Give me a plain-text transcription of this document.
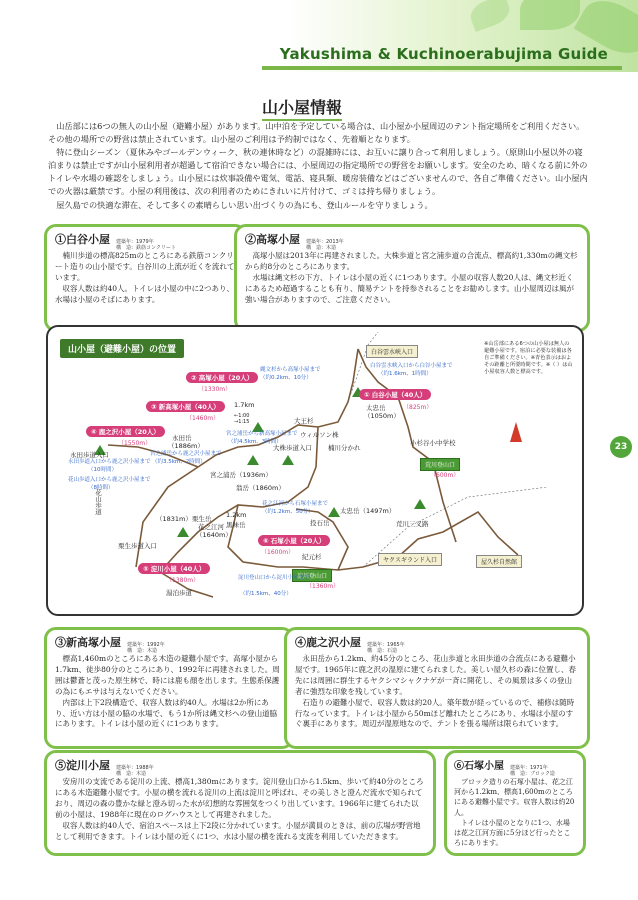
Yakushima & Kuchinoerabujima Guide
23
山小屋情報

山岳部には6つの無人の山小屋（避難小屋）があります。山中泊を予定している場合は、山小屋か小屋周辺のテント指定場所をご利用ください。その他の場所での野営は禁止されています。山小屋のご利用は予約制ではなく、先着順となります。

特に登山シーズン（夏休みやゴールデンウィーク、秋の連休時など）の混雑時には、お互いに譲り合って利用しましょう。（原則山小屋以外の寝泊まりは禁止ですが山小屋利用者が超過して宿泊できない場合には、小屋周辺の指定場所での野営をお願いします。安全のため、暗くなる前に外のトイレや水場の確認をしましょう。山小屋には炊事設備や電気、電話、寝具類、暖房装備などはございませんので、各自ご準備ください。山小屋内での火器は厳禁です。小屋の利用後は、次の利用者のためにきれいに片付けて、ゴミは持ち帰りましょう。

屋久島での快適な滞在、そして多くの素晴らしい思い出づくりの為にも、登山ルールを守りましょう。

①白谷小屋 建築年：1979年
構　造：鉄筋コンクリート

楠川歩道の標高825mのところにある鉄筋コンクリート造りの山小屋です。白谷川の上流が近くを流れています。

収容人数は約40人。トイレは小屋の中に2つあり、水場は小屋のそばにあります。

②高塚小屋 建築年：2013年
構　造：木造

高塚小屋は2013年に再建されました。大株歩道と宮之浦歩道の合流点、標高約1,330mの縄文杉から約8分のところにあります。

水場は縄文杉の下方、トイレは小屋の近くに1つあります。小屋の収容人数20人は、縄文杉近くにあるため超過することも有り、簡易テントを持参されることをお勧めします。山小屋周辺は風が強い場合がありますので、ご注意ください。

山小屋（避難小屋）の位置
※山岳部にある6つの山小屋は無人の避難小屋です。宿泊に必要な装備は各自ご準備ください。※青色表示はおよその距離と所要時間です。※（ ）は山小屋収容人数と標高です。
① 白谷小屋（40人）
（825m）
② 高塚小屋（20人）
（1330m）
③ 新高塚小屋（40人）
（1460m）
④ 鹿之沢小屋（20人）
（1550m）
⑤ 淀川小屋（40人）
（1380m）
⑥ 石塚小屋（20人）
（1600m）
白谷雲水峡入口
太忠岳
（1050m）
大王杉
ウィルソン株
大株歩道入口 楠川分かれ
小杉谷小中学校
永田岳
（1886m）
宮之浦岳（1936m）
翁岳（1860m）
（1831m）栗生岳
花之江河
（1640m）
黒味岳
栗生歩道入口
湯泊歩道
永田歩道入口
花山歩道	太忠岳（1497m）
荒川三叉路
投石岳
紀元杉
屋久杉自然館
荒川登山口
（600m）
淀川登山口
（1360m）
ヤクスギランド入口
白谷雲水峡入口から白谷小屋まで
（約1.6km、1時間）
縄文杉から高塚小屋まで
（約0.2km、10分）
1.7km
←1:00
→1:15
永田歩道入口から鹿之沢小屋まで
（10時間）
花山歩道入口から鹿之沢小屋まで
（8時間）
宮之浦岳から鹿之沢小屋まで
（約3.5km、2時間）
宮之浦岳から新高塚小屋まで
（約4.5km、3時間）
花之江河から石塚小屋まで
（約1.2km、50分）
淀川登山口から淀川小屋まで
（約1.5km、40分）
1.2km
③新高塚小屋 建築年：1992年
構　造：木造

標高1,460mのところにある木造の避難小屋です。高塚小屋から1.7km、徒歩80分のところにあり、1992年に再建されました。周囲は鬱蒼と茂った原生林で、時には鹿も顔を出します。生態系保護の為にもエサは与えないでください。

内部は上下2段構造で、収容人数は約40人。水場は2か所にあり、近い方は小屋の脇の水場で、もう1か所は縄文杉への登山道脇にあります。トイレは小屋の近くに1つあります。

④鹿之沢小屋 建築年：1965年
構　造：石造

永田岳から1.2km、約45分のところ、花山歩道と永田歩道の合流点にある避難小屋です。1965年に鹿之沢の湿原に建てられました。美しい屋久杉の森に位置し、春先には周囲に群生するヤクシマシャクナゲが一斉に開花し、その風景は多くの登山者に強烈な印象を残しています。

石造りの避難小屋で、収容人数は約20人。築年数が経っているので、補修は随時行なっています。トイレは小屋から50mほど離れたところにあり、水場は小屋のすぐ裏手にあります。周辺が湿原地なので、テントを張る場所は限られています。

⑤淀川小屋 建築年：1988年
構　造：木造

安房川の支流である淀川の上流、標高1,380mにあります。淀川登山口から1.5km、歩いて約40分のところにある木造避難小屋です。小屋の横を流れる淀川の上流は淀川と呼ばれ、その美しさと澄んだ流水で知られており、周辺の森の豊かな緑と澄み切った水が幻想的な雰囲気をつくり出しています。1966年に建てられた以前の小屋は、1988年に現在のログハウスとして再建されました。

収容人数は約40人で、宿泊スペースは上下2段に分かれています。小屋が満員のときは、前の広場が野営地として利用できます。トイレは小屋の近くに1つ、水は小屋の横を流れる支流を利用していただきます。

⑥石塚小屋 建築年：1971年
構　造：ブロック造

ブロック造りの石塚小屋は、花之江河から1.2km、標高1,600mのところにある避難小屋です。収容人数は約20人。

トイレは小屋のとなりに1つ、水場は花之江河方面に5分ほど行ったところにあります。
